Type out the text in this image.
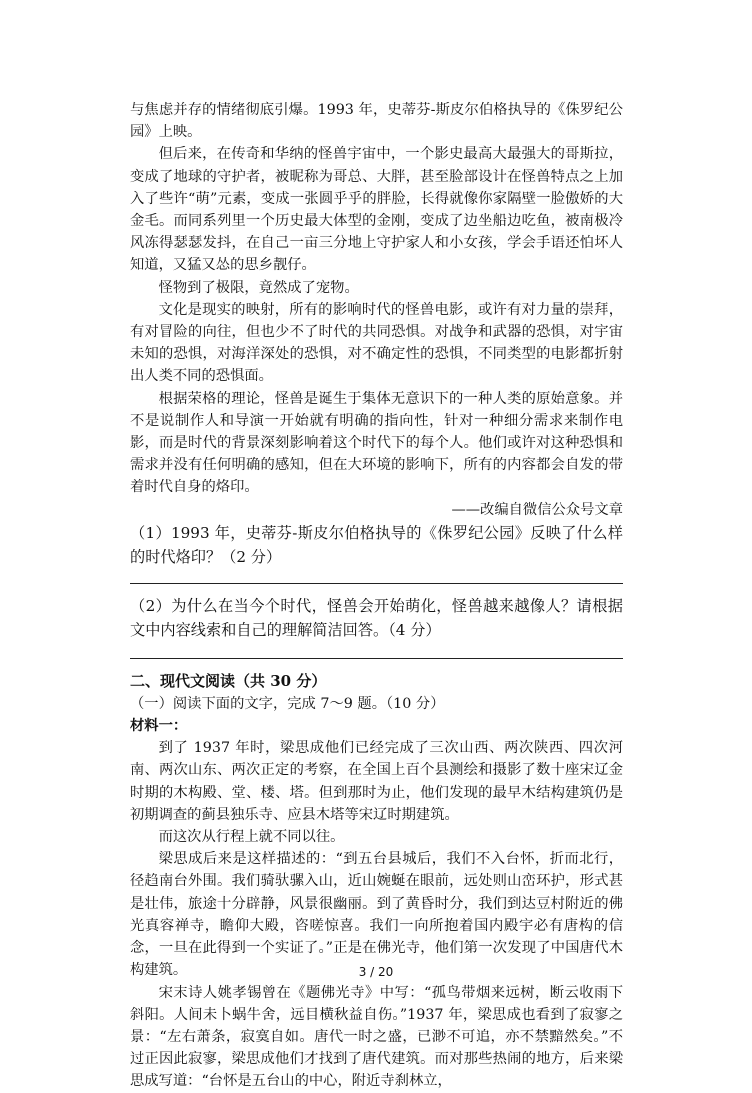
与焦虑并存的情绪彻底引爆。1993 年，史蒂芬-斯皮尔伯格执导的《侏罗纪公园》上映。

但后来，在传奇和华纳的怪兽宇宙中，一个影史最高大最强大的哥斯拉，变成了地球的守护者，被昵称为哥总、大胖，甚至脸部设计在怪兽特点之上加入了些许“萌”元素，变成一张圆乎乎的胖脸，长得就像你家隔壁一脸傲娇的大金毛。而同系列里一个历史最大体型的金刚，变成了边坐船边吃鱼，被南极冷风冻得瑟瑟发抖，在自己一亩三分地上守护家人和小女孩，学会手语还怕坏人知道，又猛又怂的思乡靓仔。

怪物到了极限，竟然成了宠物。

文化是现实的映射，所有的影响时代的怪兽电影，或许有对力量的崇拜，有对冒险的向往，但也少不了时代的共同恐惧。对战争和武器的恐惧，对宇宙未知的恐惧，对海洋深处的恐惧，对不确定性的恐惧，不同类型的电影都折射出人类不同的恐惧面。

根据荣格的理论，怪兽是诞生于集体无意识下的一种人类的原始意象。并不是说制作人和导演一开始就有明确的指向性，针对一种细分需求来制作电影，而是时代的背景深刻影响着这个时代下的每个人。他们或许对这种恐惧和需求并没有任何明确的感知，但在大环境的影响下，所有的内容都会自发的带着时代自身的烙印。

——改编自微信公众号文章

（1）1993 年，史蒂芬-斯皮尔伯格执导的《侏罗纪公园》反映了什么样的时代烙印？（2 分）

（2）为什么在当今个时代，怪兽会开始萌化，怪兽越来越像人？请根据文中内容线索和自己的理解简洁回答。（4 分）

二、现代文阅读（共 30 分）

（一）阅读下面的文字，完成 7～9 题。（10 分）

材料一：

到了 1937 年时，梁思成他们已经完成了三次山西、两次陕西、四次河南、两次山东、两次正定的考察，在全国上百个县测绘和摄影了数十座宋辽金时期的木构殿、堂、楼、塔。但到那时为止，他们发现的最早木结构建筑仍是初期调查的蓟县独乐寺、应县木塔等宋辽时期建筑。

而这次从行程上就不同以往。

梁思成后来是这样描述的：“到五台县城后，我们不入台怀，折而北行，径趋南台外围。我们骑驮骡入山，近山婉蜒在眼前，远处则山峦环护，形式甚是壮伟，旅途十分辟静，风景很幽丽。到了黄昏时分，我们到达豆村附近的佛光真容禅寺，瞻仰大殿，咨嗟惊喜。我们一向所抱着国内殿宇必有唐构的信念，一旦在此得到一个实证了。”正是在佛光寺，他们第一次发现了中国唐代木构建筑。

宋末诗人姚孝锡曾在《题佛光寺》中写：“孤鸟带烟来远树，断云收雨下斜阳。人间未卜蜗牛舍，远目横秋益自伤。”1937 年，梁思成也看到了寂寥之景：“左右萧条，寂寞自如。唐代一时之盛，已渺不可追，亦不禁黯然矣。”不过正因此寂寥，梁思成他们才找到了唐代建筑。而对那些热闹的地方，后来梁思成写道：“台怀是五台山的中心，附近寺刹林立，

3 / 20
